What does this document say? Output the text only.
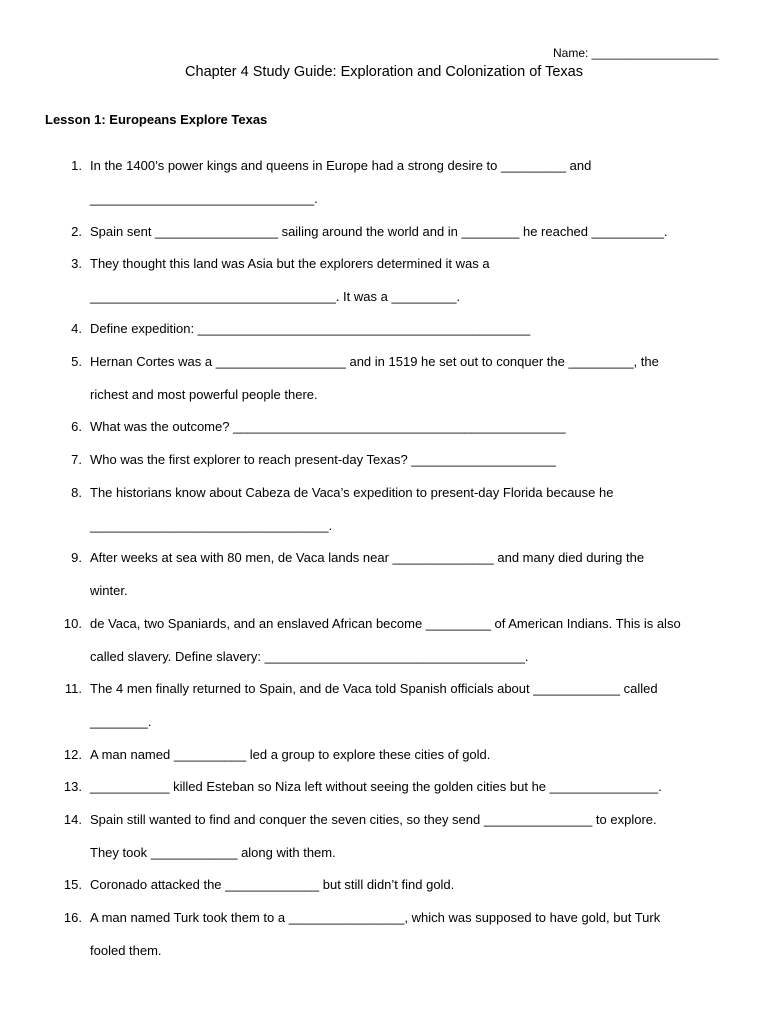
Name: ___________________
Chapter 4 Study Guide: Exploration and Colonization of Texas
Lesson 1: Europeans Explore Texas
1. In the 1400’s power kings and queens in Europe had a strong desire to _________ and
_______________________________.
2. Spain sent _________________ sailing around the world and in ________ he reached __________.
3. They thought this land was Asia but the explorers determined it was a
__________________________________. It was a _________.
4. Define expedition: ______________________________________________
5. Hernan Cortes was a __________________ and in 1519 he set out to conquer the _________, the
richest and most powerful people there.
6. What was the outcome? ______________________________________________
7. Who was the first explorer to reach present-day Texas? ____________________
8. The historians know about Cabeza de Vaca’s expedition to present-day Florida because he
_________________________________.
9. After weeks at sea with 80 men, de Vaca lands near ______________ and many died during the
winter.
10. de Vaca, two Spaniards, and an enslaved African become _________ of American Indians. This is also
called slavery. Define slavery: ____________________________________.
11. The 4 men finally returned to Spain, and de Vaca told Spanish officials about ____________ called
________.
12. A man named __________ led a group to explore these cities of gold.
13. ___________ killed Esteban so Niza left without seeing the golden cities but he _______________.
14. Spain still wanted to find and conquer the seven cities, so they send _______________ to explore.
They took ____________ along with them.
15. Coronado attacked the _____________ but still didn’t find gold.
16. A man named Turk took them to a ________________, which was supposed to have gold, but Turk
fooled them.
